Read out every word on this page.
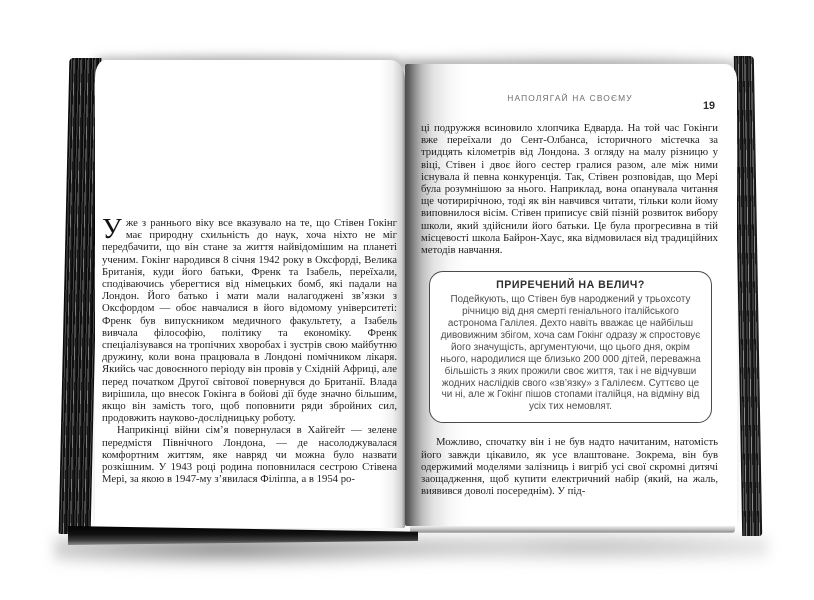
Уже з раннього віку все вказувало на те, що Стівен Гокінг має природну схильність до наук, хоча ніхто не міг передбачити, що він стане за життя найвідомішим на планеті ученим. Гокінг народився 8 січня 1942 року в Оксфорді, Велика Британія, куди його батьки, Френк та Ізабель, переїхали, сподіваючись уберегтися від німецьких бомб, які падали на Лондон. Його батько і мати мали налагоджені зв’язки з Оксфордом — обоє навчалися в його відомому університеті: Френк був випускником медичного факультету, а Ізабель вивчала філософію, політику та економіку. Френк спеціалізувався на тропічних хворобах і зустрів свою майбутню дружину, коли вона працювала в Лондоні помічником лікаря. Якийсь час довоєнного періоду він провів у Східній Африці, але перед початком Другої світової повернувся до Британії. Влада вирішила, що внесок Гокінга в бойові дії буде значно більшим, якщо він замість того, щоб поповнити ряди збройних сил, продовжить науково-дослідницьку роботу.

Наприкінці війни сім’я повернулася в Хайгейт — зелене передмістя Північного Лондона, — де насолоджувалася комфортним життям, яке навряд чи можна було назвати розкішним. У 1943 році родина поповнилася сестрою Стівена Мері, за якою в 1947-му з’явилася Філіппа, а в 1954 ро-

НАПОЛЯГАЙ НА СВОЄМУ
19

ці подружжя всиновило хлопчика Едварда. На той час Гокінги вже переїхали до Сент-Олбанса, історичного містечка за тридцять кілометрів від Лондона. З огляду на малу різницю у віці, Стівен і двоє його сестер гралися разом, але між ними існувала й певна конкуренція. Так, Стівен розповідав, що Мері була розумнішою за нього. Наприклад, вона опанувала читання ще чотирирічною, тоді як він навчився читати, тільки коли йому виповнилося вісім. Стівен приписує свій пізній розвиток вибору школи, який здійснили його батьки. Це була прогресивна в тій місцевості школа Байрон-Хаус, яка відмовилася від традиційних методів навчання.

ПРИРЕЧЕНИЙ НА ВЕЛИЧ?

Подейкують, що Стівен був народжений у трьохсоту річницю від дня смерті геніального італійського астронома Галілея. Дехто навіть вважає це найбільш дивовижним збігом, хоча сам Гокінг одразу ж спростовує його значущість, аргументуючи, що цього дня, окрім нього, народилися ще близько 200 000 дітей, переважна більшість з яких прожили своє життя, так і не відчувши жодних наслідків свого «зв’язку» з Галілеєм. Суттєво це чи ні, але ж Гокінг пішов стопами італійця, на відміну від усіх тих немовлят.

Можливо, спочатку він і не був надто начитаним, натомість його завжди цікавило, як усе влаштоване. Зокрема, він був одержимий моделями залізниць і вигріб усі свої скромні дитячі заощадження, щоб купити електричний набір (який, на жаль, виявився доволі посереднім). У під-
